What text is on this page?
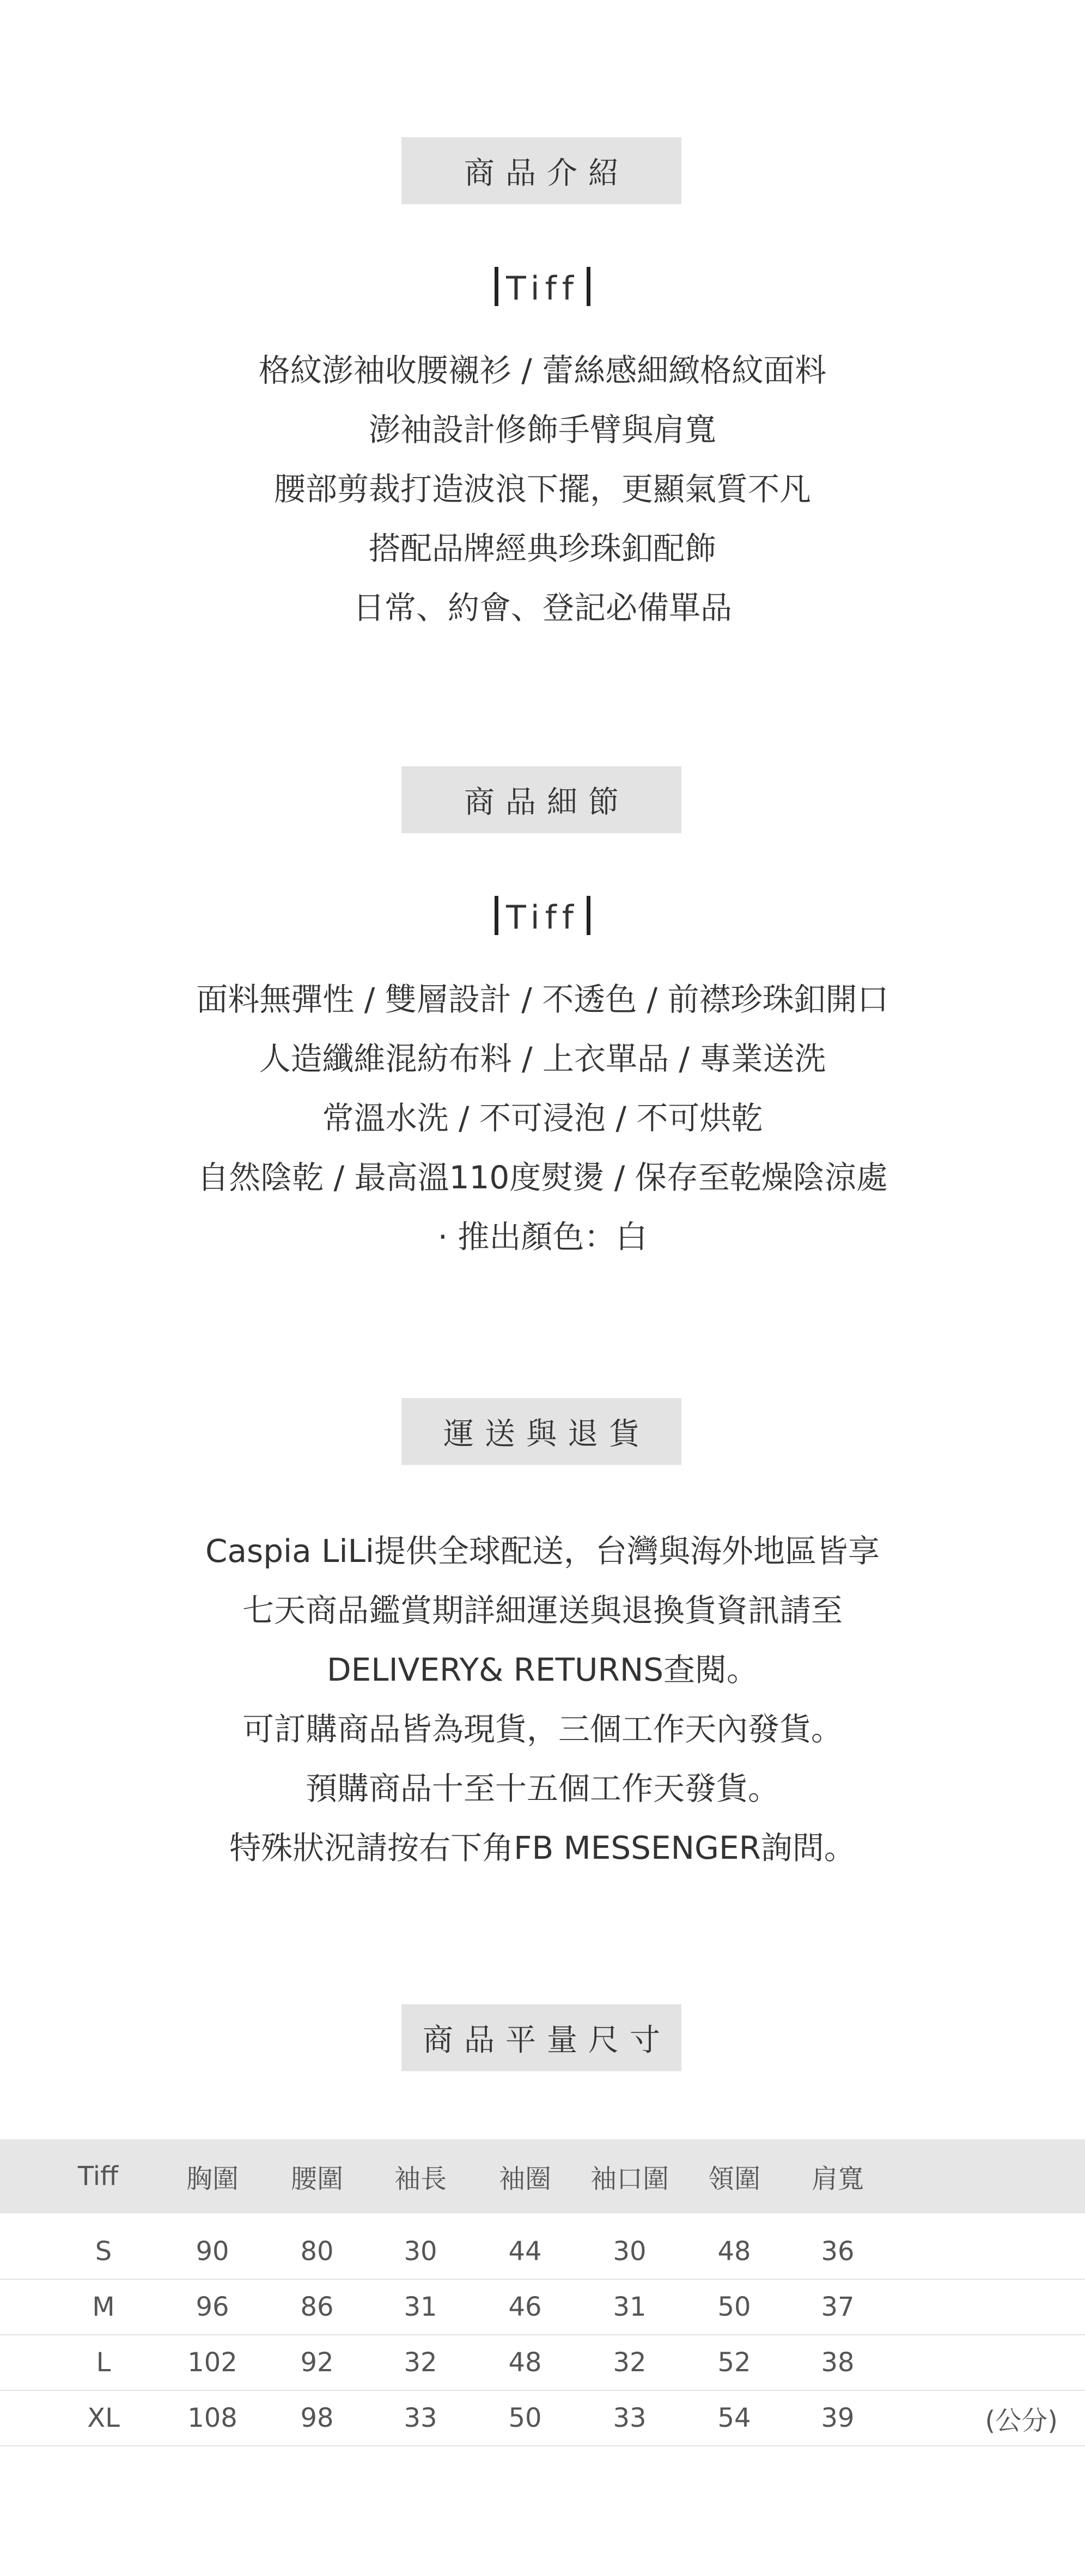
商品介紹
Tiff
格紋澎袖收腰襯衫 / 蕾絲感細緻格紋面料
澎袖設計修飾手臂與肩寬
腰部剪裁打造波浪下擺，更顯氣質不凡
搭配品牌經典珍珠釦配飾
日常、約會、登記必備單品
商品細節
Tiff
面料無彈性 / 雙層設計 / 不透色 / 前襟珍珠釦開口
人造纖維混紡布料 / 上衣單品 / 專業送洗
常溫水洗 / 不可浸泡 / 不可烘乾
自然陰乾 / 最高溫110度熨燙 / 保存至乾燥陰涼處
· 推出顏色：白
運送與退貨
Caspia LiLi提供全球配送，台灣與海外地區皆享
七天商品鑑賞期詳細運送與退換貨資訊請至
DELIVERY& RETURNS查閱。
可訂購商品皆為現貨，三個工作天內發貨。
預購商品十至十五個工作天發貨。
特殊狀況請按右下角FB MESSENGER詢問。
商品平量尺寸
Tiff	胸圍	腰圍	袖長	袖圈	袖口圍	領圍	肩寬
S	90	80	30	44	30	48	36
M	96	86	31	46	31	50	37
L	102	92	32	48	32	52	38
XL	108	98	33	50	33	54	39	(公分)
